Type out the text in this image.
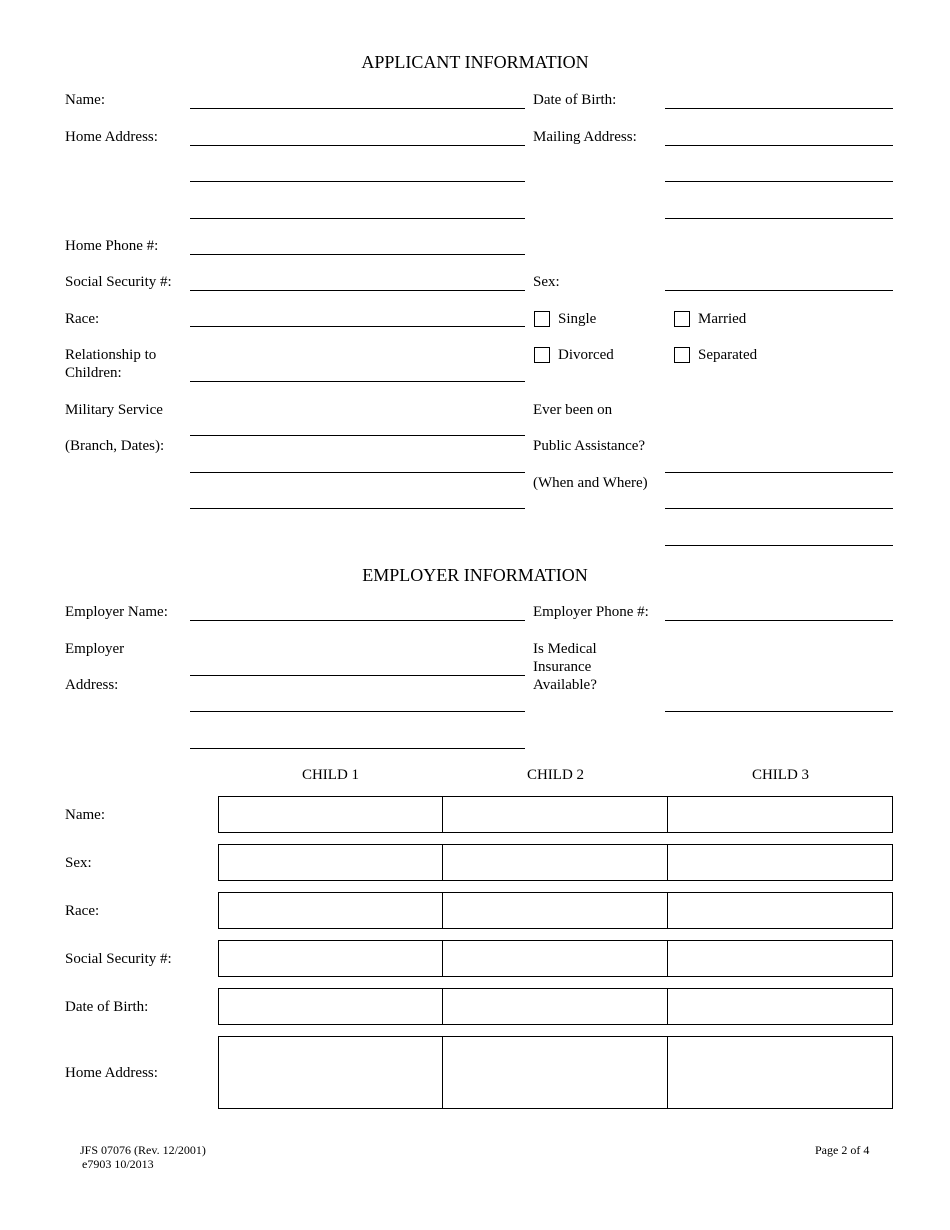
APPLICANT INFORMATION
Name:	Date of Birth:
Home Address:	Mailing Address:
Home Phone #:
Social Security #:	Sex:
Race:	Single	Married
Relationship to Children:
Divorced	Separated
Military Service
(Branch, Dates):
Ever been on
Public Assistance?
(When and Where)
EMPLOYER INFORMATION
Employer Name:	Employer Phone #:
Employer
Address:
Is Medical Insurance Available?
CHILD 1	CHILD 2	CHILD 3
Name:
Sex:
Race:
Social Security #:
Date of Birth:
Home Address:
JFS 07076 (Rev. 12/2001)
e7903 10/2013
Page 2 of 4
